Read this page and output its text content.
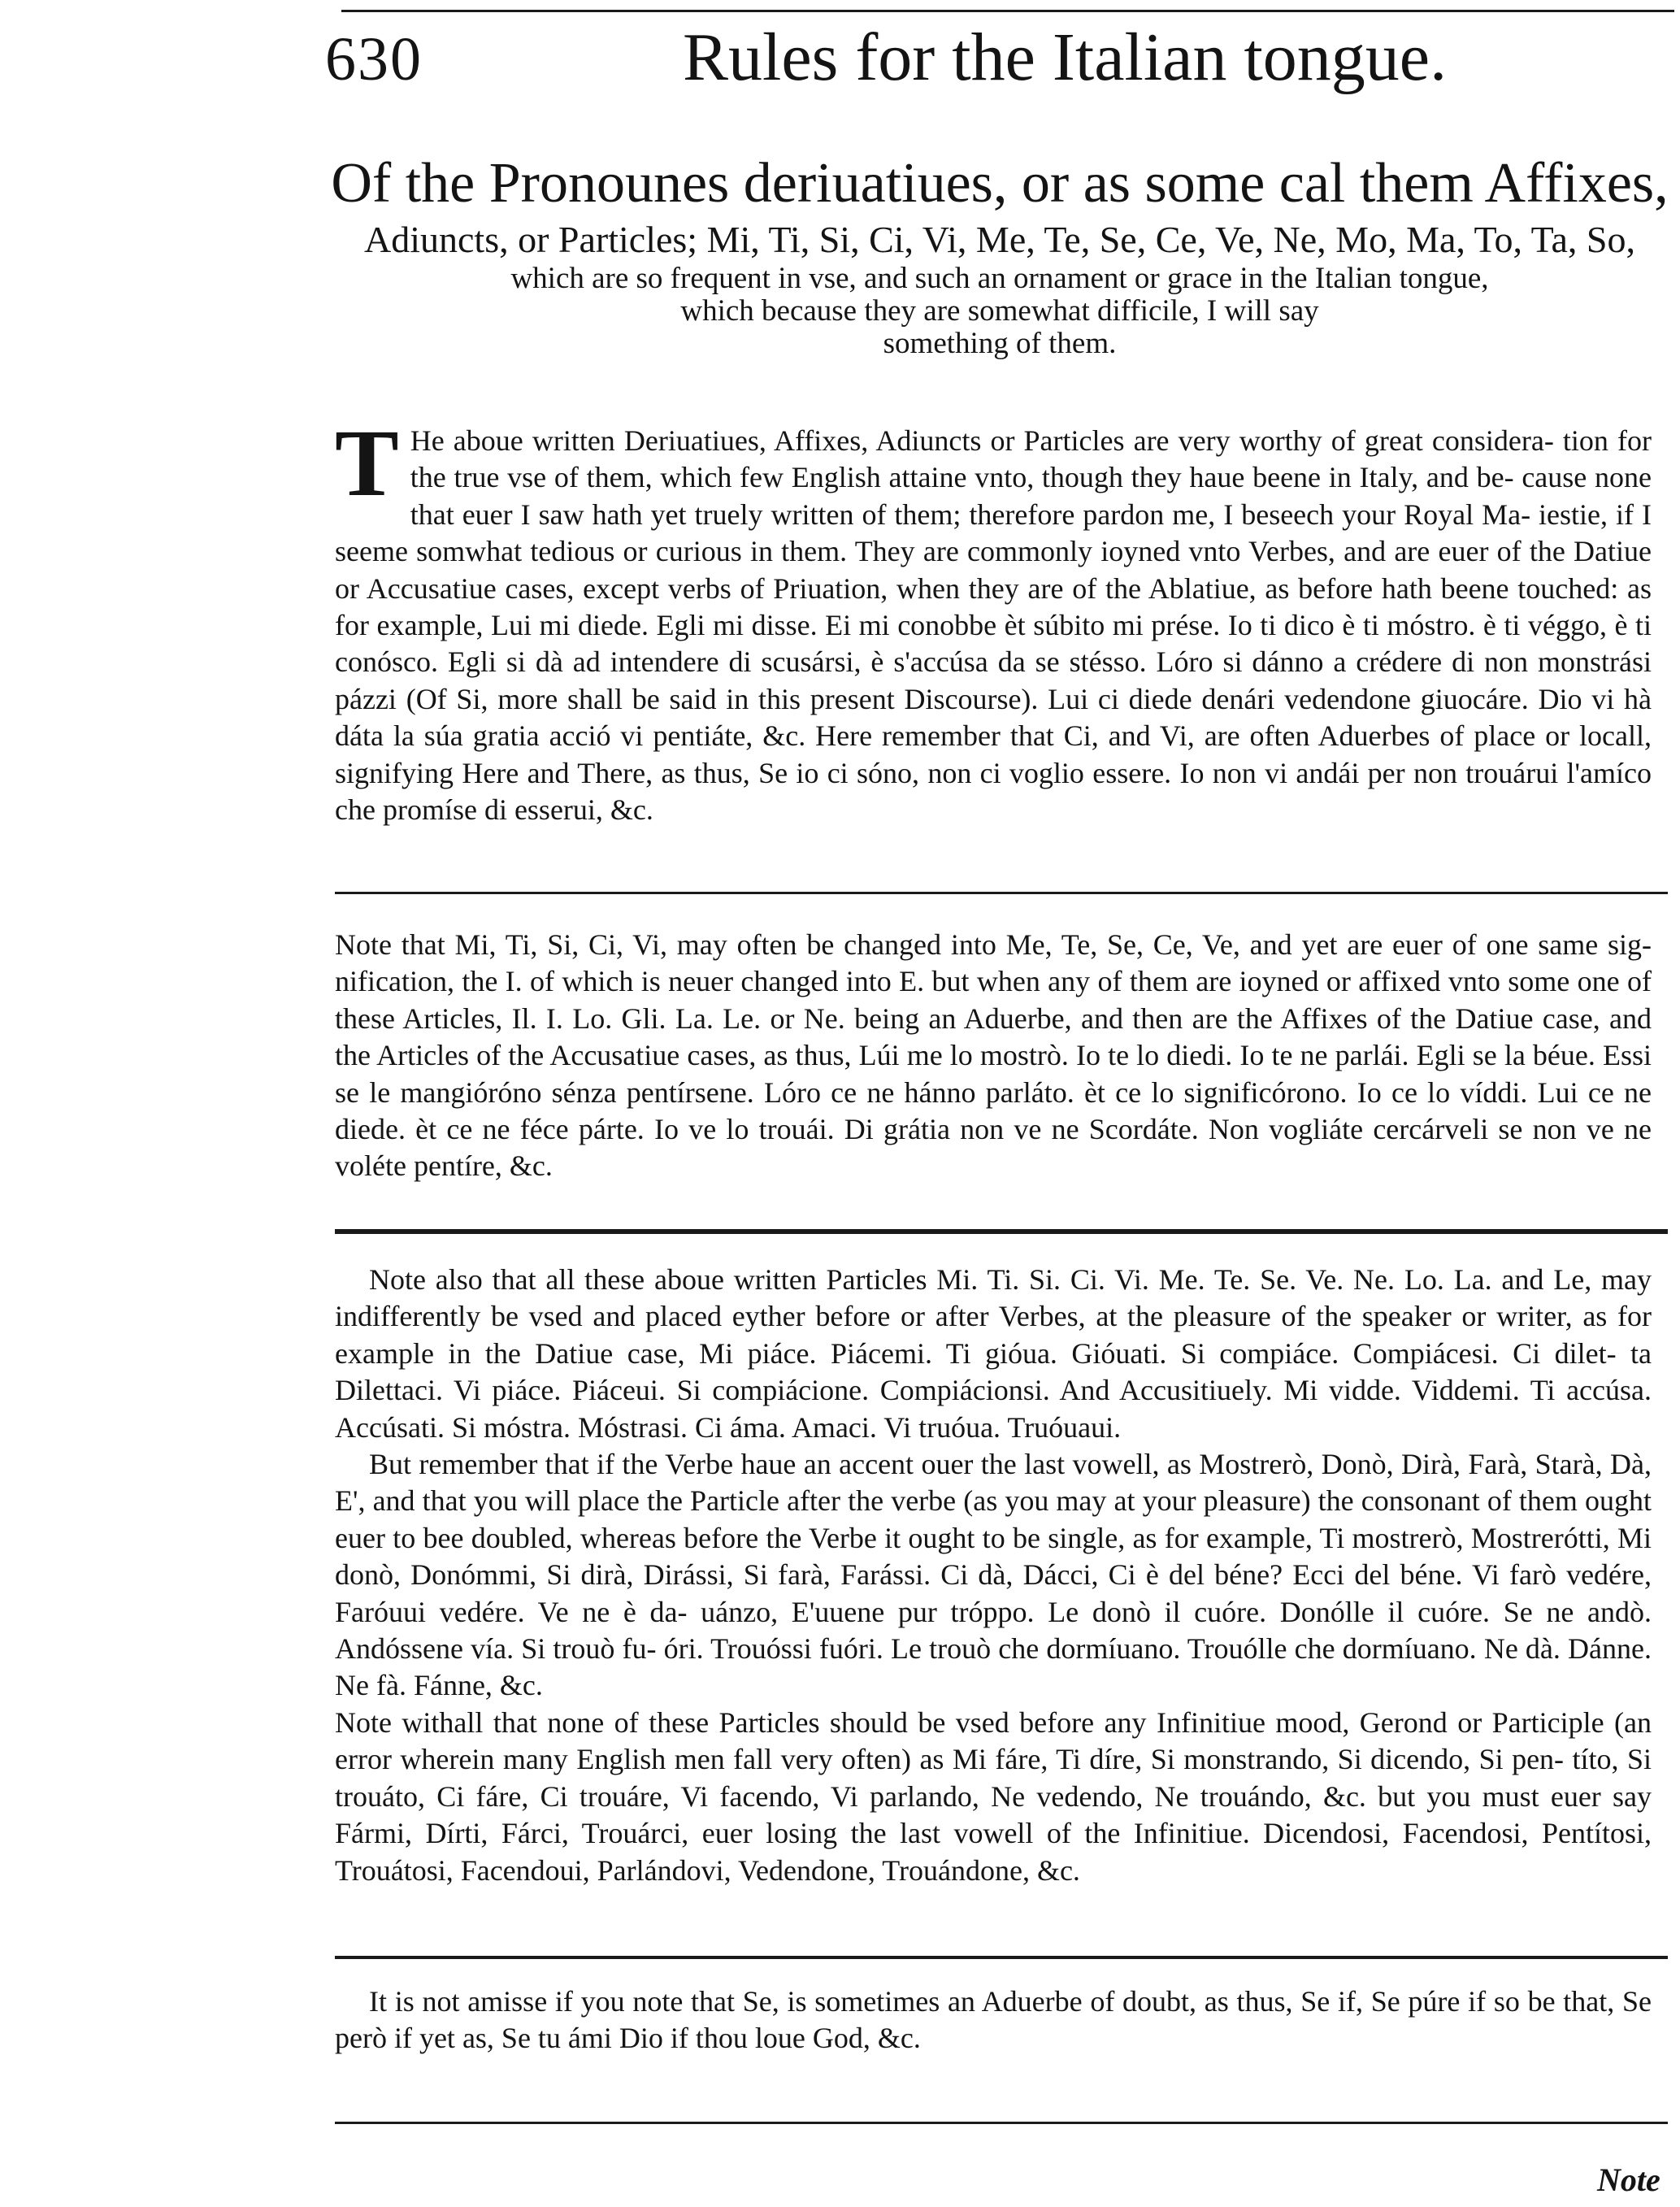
630	Rules for the Italian tongue.
Of the Pronounes deriuatiues, or as some cal them Affixes,
Adiuncts, or Particles; Mi, Ti, Si, Ci, Vi, Me, Te, Se, Ce, Ve, Ne, Mo, Ma, To, Ta, So,
which are so frequent in vse, and such an ornament or grace in the Italian tongue,
which because they are somewhat difficile, I will say
something of them.
T He aboue written Deriuatiues, Affixes, Adiuncts or Particles are very worthy of great considera- tion for the true vse of them, which few English attaine vnto, though they haue beene in Italy, and be- cause none that euer I saw hath yet truely written of them; therefore pardon me, I beseech your Royal Ma- iestie, if I seeme somwhat tedious or curious in them. They are commonly ioyned vnto Verbes, and are euer of the Datiue or Accusatiue cases, except verbs of Priuation, when they are of the Ablatiue, as before hath beene touched: as for example, Lui mi diede. Egli mi disse. Ei mi conobbe èt súbito mi prése. Io ti dico è ti móstro. è ti véggo, è ti conósco. Egli si dà ad intendere di scusársi, è s'accúsa da se stésso. Lóro si dánno a crédere di non monstrási pázzi (Of Si, more shall be said in this present Discourse). Lui ci diede denári vedendone giuocáre. Dio vi hà dáta la súa gratia acció vi pentiáte, &c. Here remember that Ci, and Vi, are often Aduerbes of place or locall, signifying Here and There, as thus, Se io ci sóno, non ci voglio essere. Io non vi andái per non trouárui l'amíco che promíse di esserui, &c.

Note that Mi, Ti, Si, Ci, Vi, may often be changed into Me, Te, Se, Ce, Ve, and yet are euer of one same sig- nification, the I. of which is neuer changed into E. but when any of them are ioyned or affixed vnto some one of these Articles, Il. I. Lo. Gli. La. Le. or Ne. being an Aduerbe, and then are the Affixes of the Datiue case, and the Articles of the Accusatiue cases, as thus, Lúi me lo mostrò. Io te lo diedi. Io te ne parlái. Egli se la béue. Essi se le mangióróno sénza pentírsene. Lóro ce ne hánno parláto. èt ce lo significórono. Io ce lo víddi. Lui ce ne diede. èt ce ne féce párte. Io ve lo trouái. Di grátia non ve ne Scordáte. Non vogliáte cercárveli se non ve ne voléte pentíre, &c.

Note also that all these aboue written Particles Mi. Ti. Si. Ci. Vi. Me. Te. Se. Ve. Ne. Lo. La. and Le, may indifferently be vsed and placed eyther before or after Verbes, at the pleasure of the speaker or writer, as for example in the Datiue case, Mi piáce. Piácemi. Ti gióua. Gióuati. Si compiáce. Compiácesi. Ci dilet- ta Dilettaci. Vi piáce. Piáceui. Si compiácione. Compiácionsi. And Accusitiuely. Mi vidde. Viddemi. Ti accúsa. Accúsati. Si móstra. Móstrasi. Ci áma. Amaci. Vi truóua. Truóuaui.

But remember that if the Verbe haue an accent ouer the last vowell, as Mostrerò, Donò, Dirà, Farà, Starà, Dà, E', and that you will place the Particle after the verbe (as you may at your pleasure) the consonant of them ought euer to bee doubled, whereas before the Verbe it ought to be single, as for example, Ti mostrerò, Mostrerótti, Mi donò, Donómmi, Si dirà, Dirássi, Si farà, Farássi. Ci dà, Dácci, Ci è del béne? Ecci del béne. Vi farò vedére, Faróuui vedére. Ve ne è da- uánzo, E'uuene pur tróppo. Le donò il cuóre. Donólle il cuóre. Se ne andò. Andóssene vía. Si trouò fu- óri. Trouóssi fuóri. Le trouò che dormíuano. Trouólle che dormíuano. Ne dà. Dánne. Ne fà. Fánne, &c.

Note withall that none of these Particles should be vsed before any Infinitiue mood, Gerond or Participle (an error wherein many English men fall very often) as Mi fáre, Ti díre, Si monstrando, Si dicendo, Si pen- títo, Si trouáto, Ci fáre, Ci trouáre, Vi facendo, Vi parlando, Ne vedendo, Ne trouándo, &c. but you must euer say Fármi, Dírti, Fárci, Trouárci, euer losing the last vowell of the Infinitiue. Dicendosi, Facendosi, Pentítosi, Trouátosi, Facendoui, Parlándovi, Vedendone, Trouándone, &c.

It is not amisse if you note that Se, is sometimes an Aduerbe of doubt, as thus, Se if, Se púre if so be that, Se però if yet as, Se tu ámi Dio if thou loue God, &c.

Note
